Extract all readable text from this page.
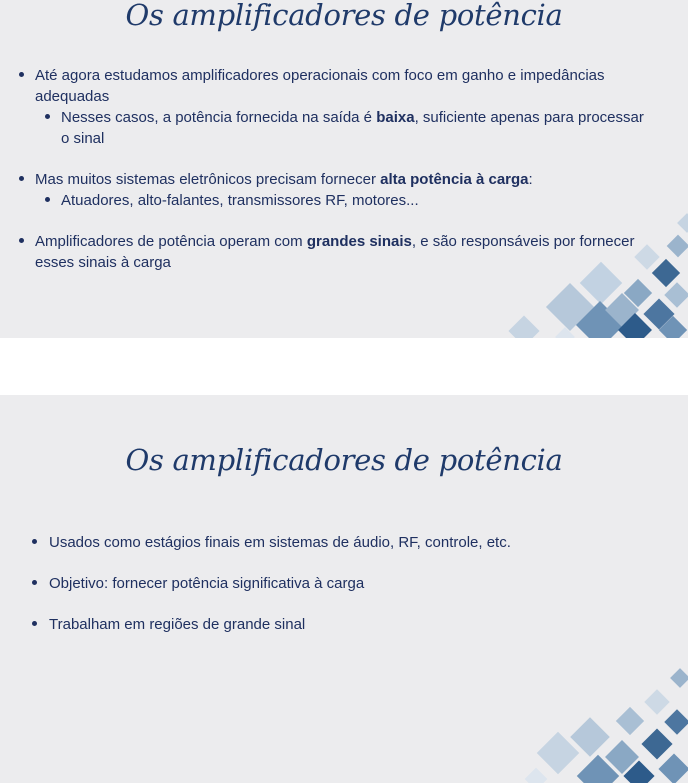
Os amplificadores de potência
Até agora estudamos amplificadores operacionais com foco em ganho e impedâncias adequadas
Nesses casos, a potência fornecida na saída é baixa, suficiente apenas para processar o sinal
Mas muitos sistemas eletrônicos precisam fornecer alta potência à carga:
Atuadores, alto-falantes, transmissores RF, motores...
Amplificadores de potência operam com grandes sinais, e são responsáveis por fornecer esses sinais à carga
Os amplificadores de potência
Usados como estágios finais em sistemas de áudio, RF, controle, etc.
Objetivo: fornecer potência significativa à carga
Trabalham em regiões de grande sinal
